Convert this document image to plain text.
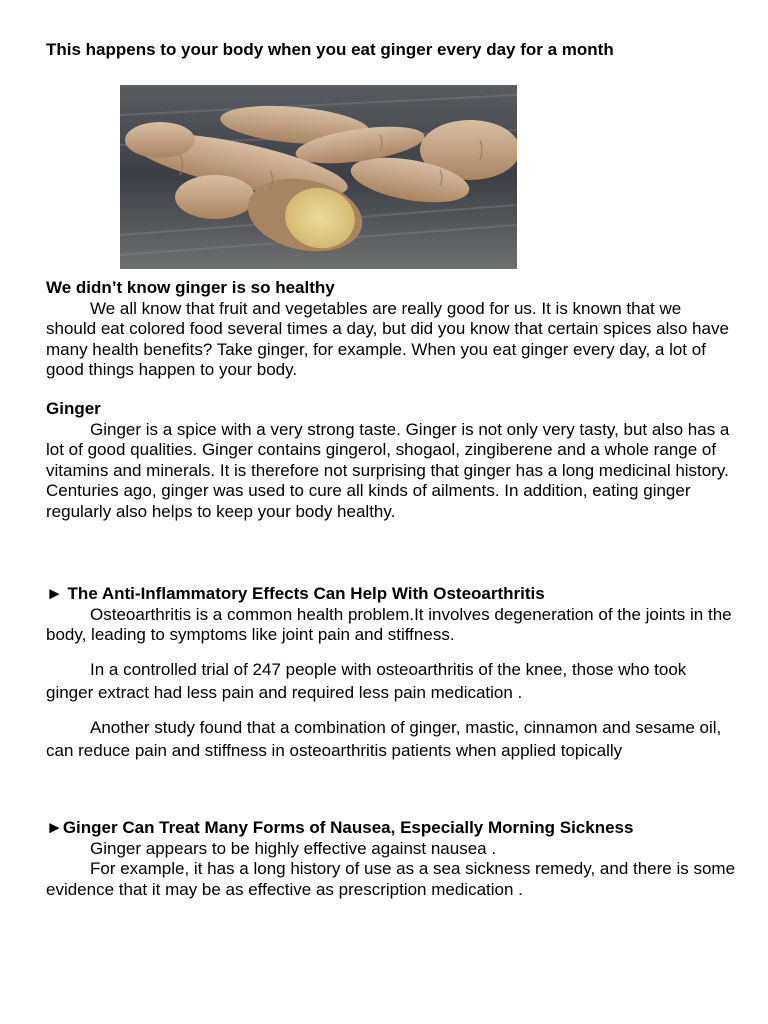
This happens to your body when you eat ginger every day for a month

We didn’t know ginger is so healthy

We all know that fruit and vegetables are really good for us. It is known that we should eat colored food several times a day, but did you know that certain spices also have many health benefits? Take ginger, for example. When you eat ginger every day, a lot of good things happen to your body.

Ginger

Ginger is a spice with a very strong taste. Ginger is not only very tasty, but also has a lot of good qualities. Ginger contains gingerol, shogaol, zingiberene and a whole range of vitamins and minerals. It is therefore not surprising that ginger has a long medicinal history. Centuries ago, ginger was used to cure all kinds of ailments. In addition, eating ginger regularly also helps to keep your body healthy.

► The Anti-Inflammatory Effects Can Help With Osteoarthritis

Osteoarthritis is a common health problem.It involves degeneration of the joints in the body, leading to symptoms like joint pain and stiffness.

In a controlled trial of 247 people with osteoarthritis of the knee, those who took ginger extract had less pain and required less pain medication .

Another study found that a combination of ginger, mastic, cinnamon and sesame oil, can reduce pain and stiffness in osteoarthritis patients when applied topically

►Ginger Can Treat Many Forms of Nausea, Especially Morning Sickness

Ginger appears to be highly effective against nausea .

For example, it has a long history of use as a sea sickness remedy, and there is some evidence that it may be as effective as prescription medication .
